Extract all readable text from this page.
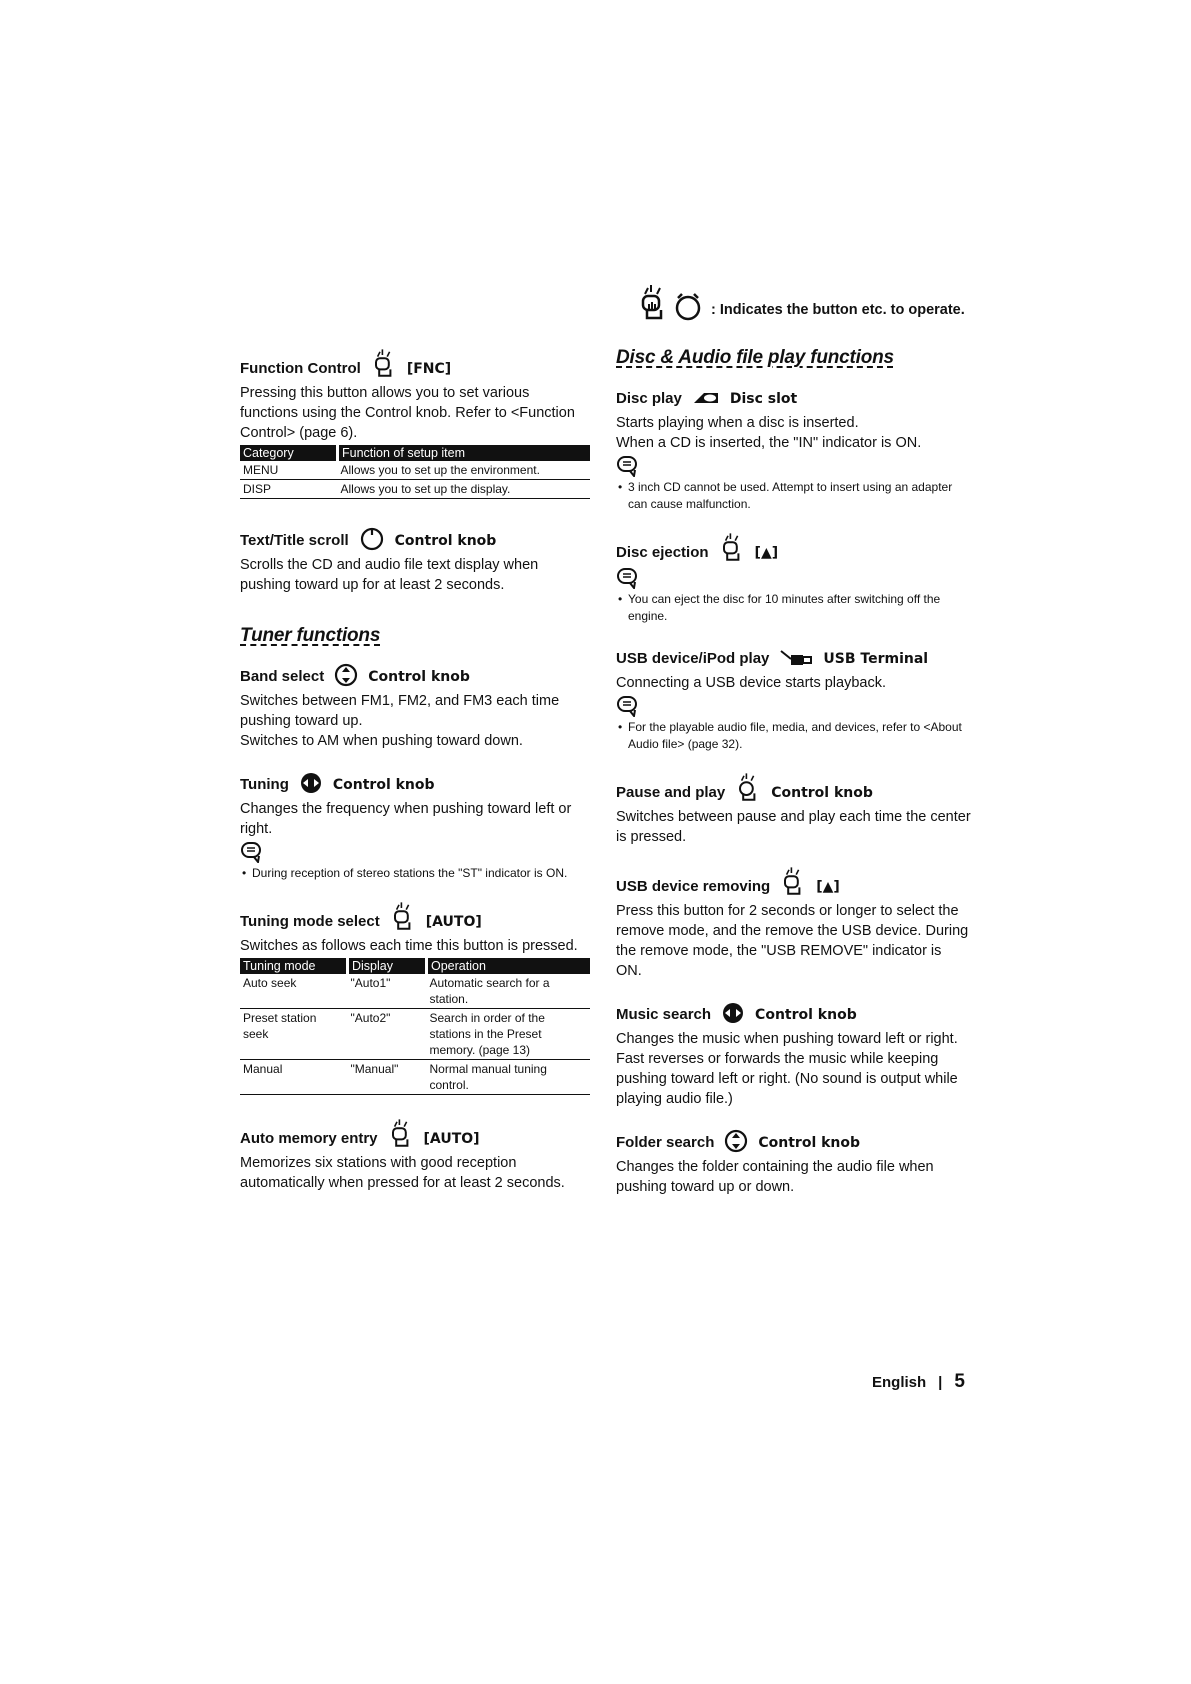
: Indicates the button etc. to operate.
Function Control	[FNC]
Pressing this button allows you to set various functions using the Control knob. Refer to <Function Control> (page 6).
Category	Function of setup item
MENU	Allows you to set up the environment.
DISP	Allows you to set up the display.
Text/Title scroll	Control knob
Scrolls the CD and audio file text display when pushing toward up for at least 2 seconds.
Tuner functions
Band select	Control knob
Switches between FM1, FM2, and FM3 each time pushing toward up.
Switches to AM when pushing toward down.
Tuning	Control knob
Changes the frequency when pushing toward left or right.
• During reception of stereo stations the "ST" indicator is ON.
Tuning mode select	[AUTO]
Switches as follows each time this button is pressed.
Tuning mode	Display	Operation
Auto seek	"Auto1"	Automatic search for a station.
Preset station seek	"Auto2"	Search in order of the stations in the Preset memory. (page 13)
Manual	"Manual"	Normal manual tuning control.
Auto memory entry	[AUTO]
Memorizes six stations with good reception automatically when pressed for at least 2 seconds.
Disc & Audio file play functions
Disc play	Disc slot
Starts playing when a disc is inserted.
When a CD is inserted, the "IN" indicator is ON.
• 3 inch CD cannot be used. Attempt to insert using an adapter can cause malfunction.
Disc ejection	[▲]
• You can eject the disc for 10 minutes after switching off the engine.
USB device/iPod play	USB Terminal
Connecting a USB device starts playback.
• For the playable audio file, media, and devices, refer to <About Audio file> (page 32).
Pause and play	Control knob
Switches between pause and play each time the center is pressed.
USB device removing	[▲]
Press this button for 2 seconds or longer to select the remove mode, and the remove the USB device. During the remove mode, the "USB REMOVE" indicator is ON.
Music search	Control knob
Changes the music when pushing toward left or right. Fast reverses or forwards the music while keeping pushing toward left or right. (No sound is output while playing audio file.)
Folder search	Control knob
Changes the folder containing the audio file when pushing toward up or down.
English | 5
